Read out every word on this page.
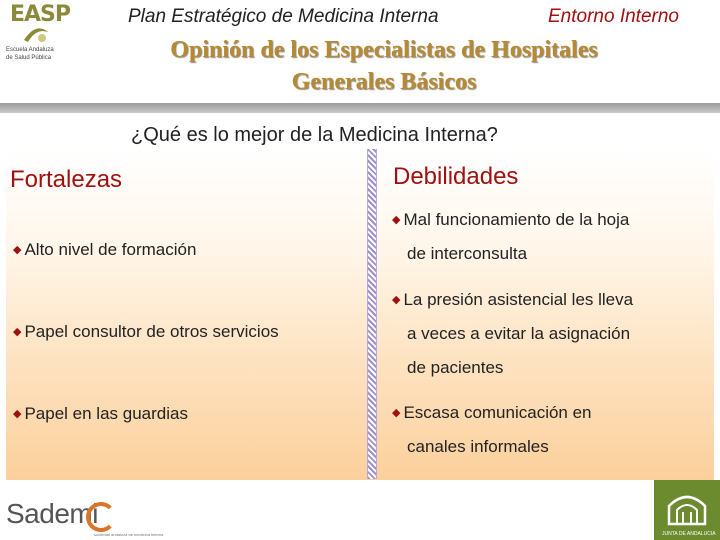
EASP
Escuela Andaluza
de Salud Pública
Plan Estratégico de Medicina Interna	Entorno Interno
Opinión de los Especialistas de Hospitales
Generales Básicos
¿Qué es lo mejor de la Medicina Interna?
Fortalezas	Debilidades
◆ Alto nivel de formación
◆ Papel consultor de otros servicios
◆ Papel en las guardias
◆ Mal funcionamiento de la hoja
de interconsulta
◆ La presión asistencial les lleva
a veces a evitar la asignación
de pacientes
◆ Escasa comunicación en
canales informales
Sademi
sociedad andaluza de medicina interna	JUNTA DE ANDALUCIA
